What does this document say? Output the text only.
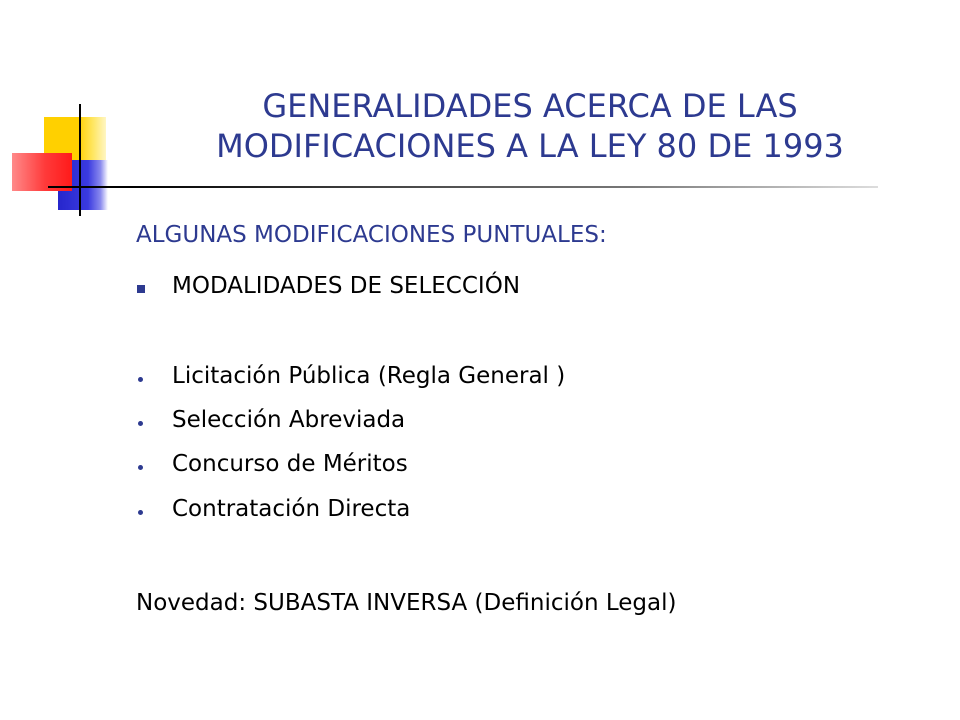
GENERALIDADES ACERCA DE LAS
MODIFICACIONES A LA LEY 80 DE 1993
ALGUNAS MODIFICACIONES PUNTUALES:
MODALIDADES DE SELECCIÓN
Licitación Pública (Regla General )
Selección Abreviada
Concurso de Méritos
Contratación Directa
Novedad: SUBASTA INVERSA (Definición Legal)
